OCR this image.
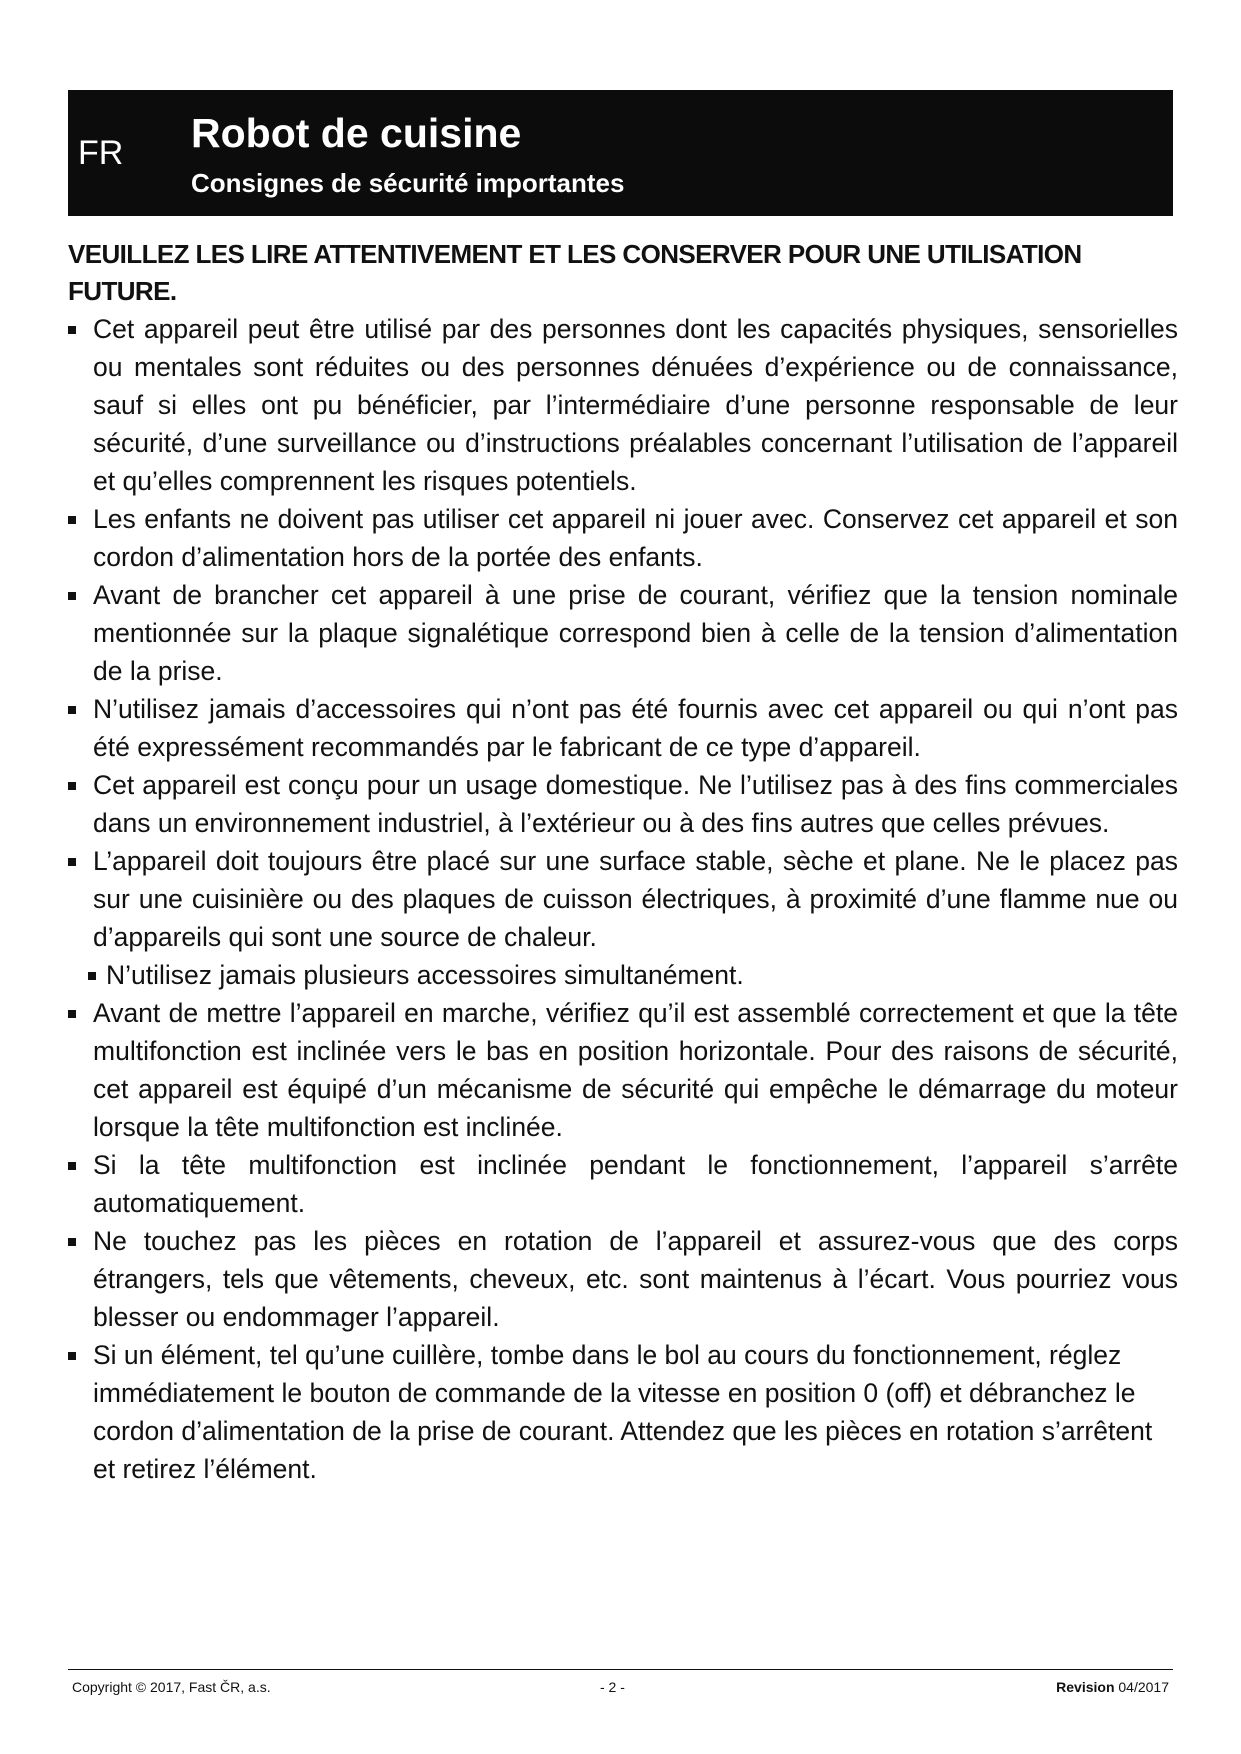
FR Robot de cuisine
Consignes de sécurité importantes

VEUILLEZ LES LIRE ATTENTIVEMENT ET LES CONSERVER POUR UNE UTILISATION FUTURE.

Cet appareil peut être utilisé par des personnes dont les capacités physiques, sensorielles ou mentales sont réduites ou des personnes dénuées d’expérience ou de connaissance, sauf si elles ont pu bénéficier, par l’intermédiaire d’une personne responsable de leur sécurité, d’une surveillance ou d’instructions préalables concernant l’utilisation de l’appareil et qu’elles comprennent les risques potentiels.
Les enfants ne doivent pas utiliser cet appareil ni jouer avec. Conservez cet appareil et son cordon d’alimentation hors de la portée des enfants.
Avant de brancher cet appareil à une prise de courant, vérifiez que la tension nominale mentionnée sur la plaque signalétique correspond bien à celle de la tension d’alimentation de la prise.
N’utilisez jamais d’accessoires qui n’ont pas été fournis avec cet appareil ou qui n’ont pas été expressément recommandés par le fabricant de ce type d’appareil.
Cet appareil est conçu pour un usage domestique. Ne l’utilisez pas à des fins commerciales dans un environnement industriel, à l’extérieur ou à des fins autres que celles prévues.
L’appareil doit toujours être placé sur une surface stable, sèche et plane. Ne le placez pas sur une cuisinière ou des plaques de cuisson électriques, à proximité d’une flamme nue ou d’appareils qui sont une source de chaleur.
N’utilisez jamais plusieurs accessoires simultanément.
Avant de mettre l’appareil en marche, vérifiez qu’il est assemblé correctement et que la tête multifonction est inclinée vers le bas en position horizontale. Pour des raisons de sécurité, cet appareil est équipé d’un mécanisme de sécurité qui empêche le démarrage du moteur lorsque la tête multifonction est inclinée.
Si la tête multifonction est inclinée pendant le fonctionnement, l’appareil s’arrête automatiquement.
Ne touchez pas les pièces en rotation de l’appareil et assurez-vous que des corps étrangers, tels que vêtements, cheveux, etc. sont maintenus à l’écart. Vous pourriez vous blesser ou endommager l’appareil.
Si un élément, tel qu’une cuillère, tombe dans le bol au cours du fonctionnement, réglez immédiatement le bouton de commande de la vitesse en position 0 (off) et débranchez le cordon d’alimentation de la prise de courant. Attendez que les pièces en rotation s’arrêtent et retirez l’élément.
Copyright © 2017, Fast ČR, a.s.	- 2 -	Revision 04/2017
